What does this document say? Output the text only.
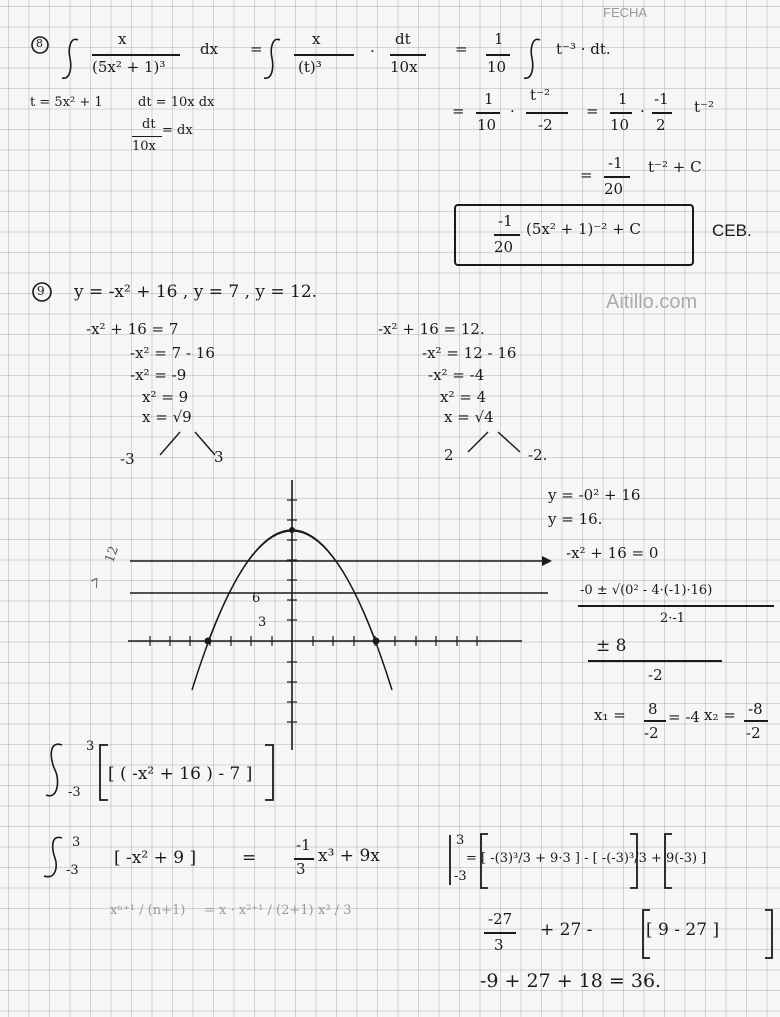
FECHA
Aitillo.com
8	x
(5x² + 1)³
dx =
x
(t)³
·
dt
10x
=
1
10
t⁻³ · dt.
t = 5x² + 1	dt = 10x dx
dt = dx
10x
=
1
10
·
t⁻²
-2
=
1
10
·
-1
2
t⁻²
=
-1
20
t⁻² + C
-1
20
(5x² + 1)⁻² + C	CEB.
9 y = -x² + 16 , y = 7 , y = 12.
-x² + 16 = 7
-x² = 7 - 16
-x² = -9
x² = 9
x = √9
-3	3
-x² + 16 = 12.
-x² = 12 - 16
-x² = -4
x² = 4
x = √4
2	-2.
y = -0² + 16
y = 16.
-x² + 16 = 0
-0 ± √(0² - 4·(-1)·16)
2·-1
± 8
-2
x₁ = 8
-2
= -4 x₂ = -8
-2
12
7
6
3
3
-3
[ ( -x² + 16 ) - 7 ]
3
-3
[ -x² + 9 ]	=
-1
3
x³ + 9x
3
-3
= [ -(3)³/3 + 9·3 ] - [ -(-3)³/3 + 9(-3) ]
xⁿ⁺¹ / (n+1) = x · x²⁺¹ / (2+1) x³ / 3	-27
3
+ 27 -	[ 9 - 27 ]
-9 + 27 + 18 = 36.
